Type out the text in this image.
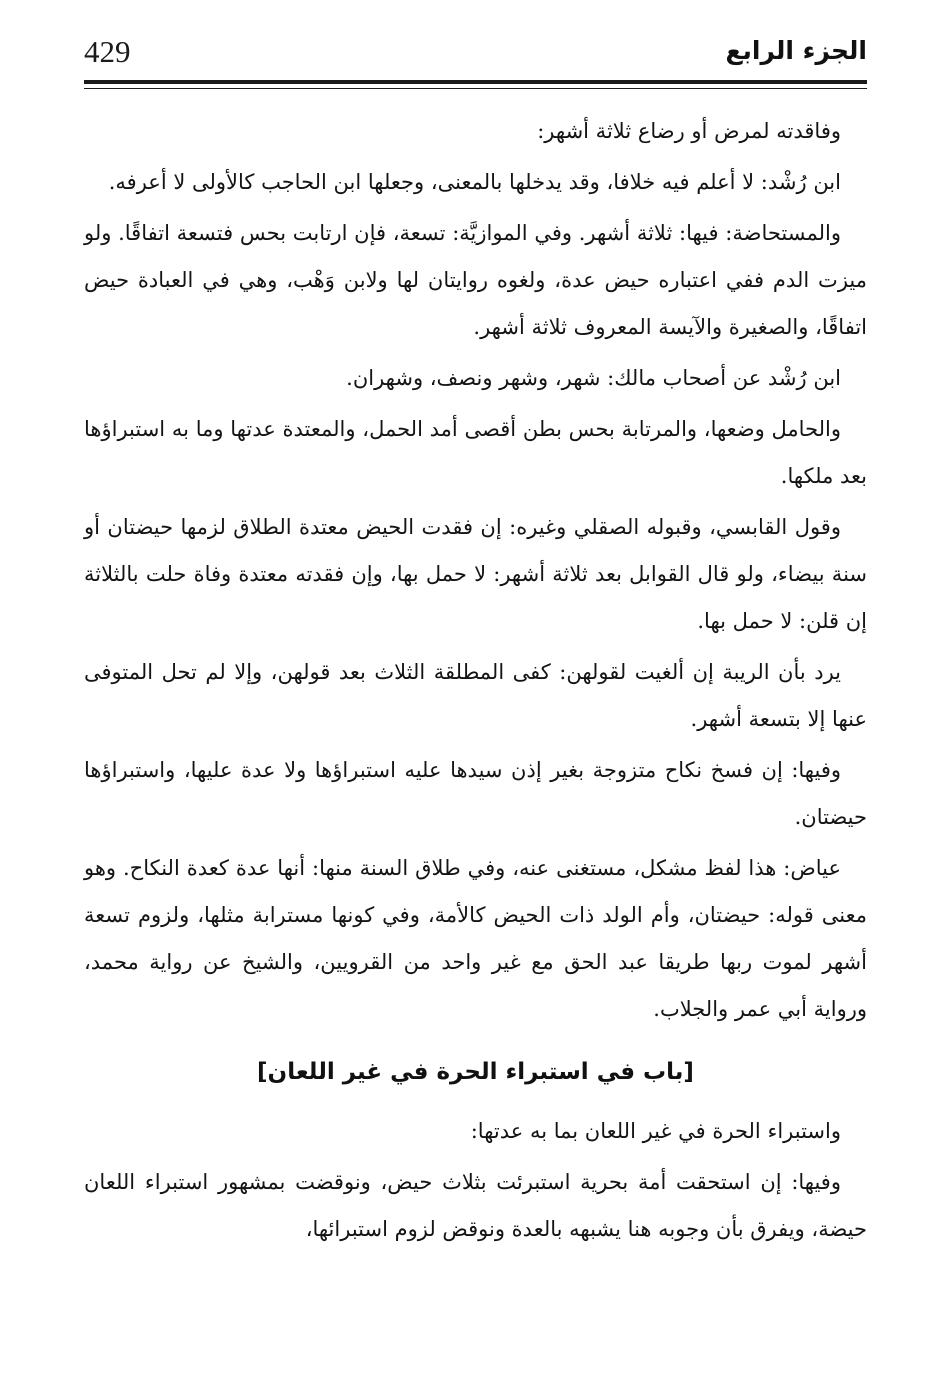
429	الجزء الرابع

وفاقدته لمرض أو رضاع ثلاثة أشهر:

ابن رُشْد: لا أعلم فيه خلافا، وقد يدخلها بالمعنى، وجعلها ابن الحاجب كالأولى لا أعرفه.

والمستحاضة: فيها: ثلاثة أشهر. وفي الموازيَّة: تسعة، فإن ارتابت بحس فتسعة اتفاقًا. ولو ميزت الدم ففي اعتباره حيض عدة، ولغوه روايتان لها ولابن وَهْب، وهي في العبادة حيض اتفاقًا، والصغيرة والآيسة المعروف ثلاثة أشهر.

ابن رُشْد عن أصحاب مالك: شهر، وشهر ونصف، وشهران.

والحامل وضعها، والمرتابة بحس بطن أقصى أمد الحمل، والمعتدة عدتها وما به استبراؤها بعد ملكها.

وقول القابسي، وقبوله الصقلي وغيره: إن فقدت الحيض معتدة الطلاق لزمها حيضتان أو سنة بيضاء، ولو قال القوابل بعد ثلاثة أشهر: لا حمل بها، وإن فقدته معتدة وفاة حلت بالثلاثة إن قلن: لا حمل بها.

يرد بأن الريبة إن ألغيت لقولهن: كفى المطلقة الثلاث بعد قولهن، وإلا لم تحل المتوفى عنها إلا بتسعة أشهر.

وفيها: إن فسخ نكاح متزوجة بغير إذن سيدها عليه استبراؤها ولا عدة عليها، واستبراؤها حيضتان.

عياض: هذا لفظ مشكل، مستغنى عنه، وفي طلاق السنة منها: أنها عدة كعدة النكاح. وهو معنى قوله: حيضتان، وأم الولد ذات الحيض كالأمة، وفي كونها مسترابة مثلها، ولزوم تسعة أشهر لموت ربها طريقا عبد الحق مع غير واحد من القرويين، والشيخ عن رواية محمد، ورواية أبي عمر والجلاب.

[باب في استبراء الحرة في غير اللعان]

واستبراء الحرة في غير اللعان بما به عدتها:

وفيها: إن استحقت أمة بحرية استبرئت بثلاث حيض، ونوقضت بمشهور استبراء اللعان حيضة، ويفرق بأن وجوبه هنا يشبهه بالعدة ونوقض لزوم استبرائها،
